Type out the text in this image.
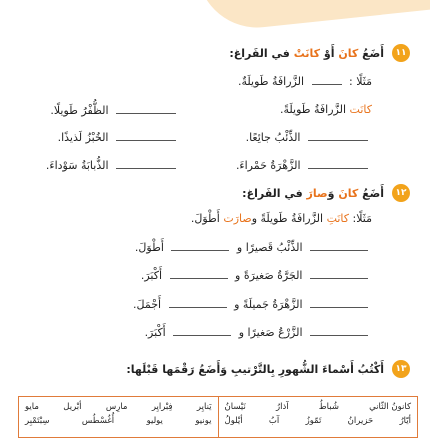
١١
أَضَعُ كانَ أَوْ كانَتْ في الفَراغ:
مَثَلًا :  الزَّرافَةُ طَويلَةٌ.
كانَت الزَّرافَةُ طَويلَةً.
الذِّئْبُ جائِعًا.
الزَّهْرَةُ حَمْراءَ.
الظُّفْرُ طَويلًا.
الخُبْزُ لَذيذًا.
الذُّبابَةُ سَوْداءَ.
١٢
أَضَعُ كانَ وَصارَ في الفَراغ:
مَثَلًا: كانَتِ الزَّرافَةُ طَويلَةً وصارَت أَطْوَلَ.
الذِّئْبُ قَصيرًا و  أَطْوَلَ.
الجَرَّةُ صَغيرَةً و  أَكْبَرَ.
الزَّهْرَةُ جَميلَةً و  أَجْمَلَ.
الزَّرْعُ صَغيرًا و  أَكْبَرَ.
١٣
أَكْتُبُ أَسْماءَ الشُّهورِ بِالتَّرْتيبِ وَأَضَعُ رَقْمَها قَبْلَها:
كانونُ الثّاني
شُباطُ
آذارُ
نَيْسانُ
أيّارُ
حَزيرانُ
تَمّوزُ
آبُ
أيْلولُ
يَنايِر
فِبْرايِر
مارِس
أبْريل
مايو
يونيو
يوليو
أُغُسْطُس
سِبْتَمْبِر
